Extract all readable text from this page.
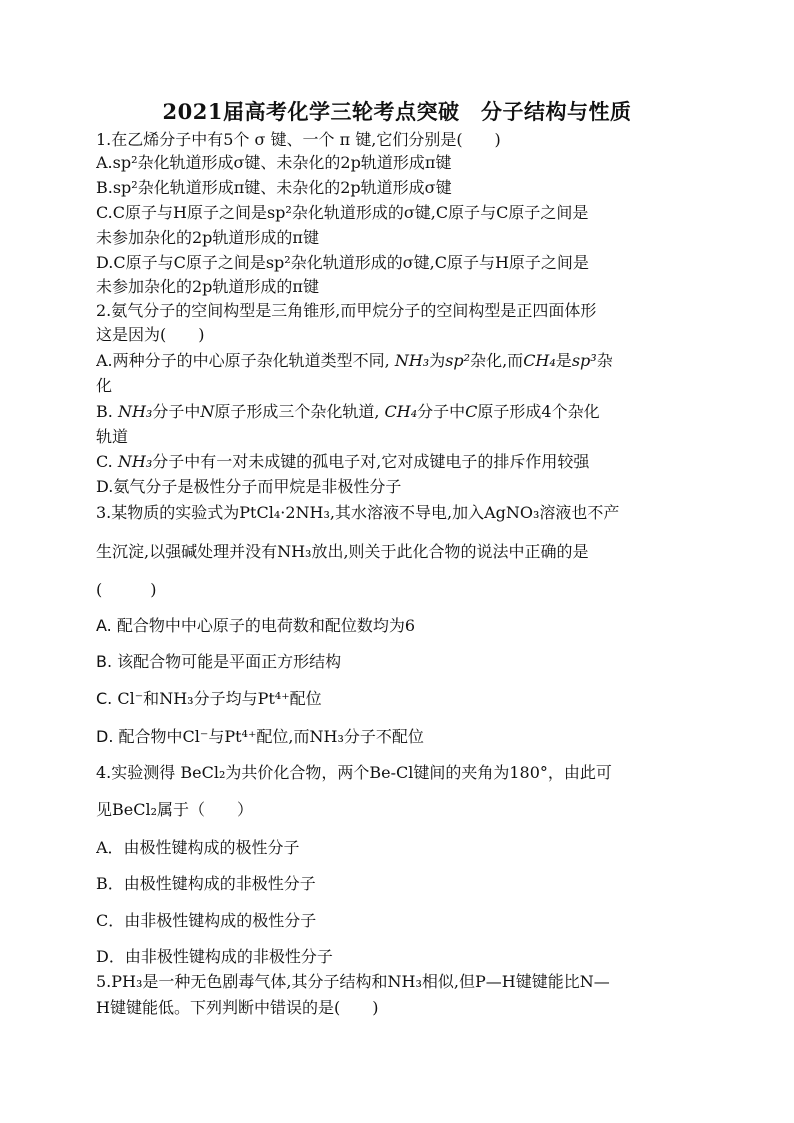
2021届高考化学三轮考点突破　分子结构与性质
1.在乙烯分子中有5个 σ 键、一个 π 键,它们分别是(　　)
A.sp²杂化轨道形成σ键、未杂化的2p轨道形成π键
B.sp²杂化轨道形成π键、未杂化的2p轨道形成σ键
C.C原子与H原子之间是sp²杂化轨道形成的σ键,C原子与C原子之间是
未参加杂化的2p轨道形成的π键
D.C原子与C原子之间是sp²杂化轨道形成的σ键,C原子与H原子之间是
未参加杂化的2p轨道形成的π键
2.氨气分子的空间构型是三角锥形,而甲烷分子的空间构型是正四面体形
这是因为(　　)
A.两种分子的中心原子杂化轨道类型不同, NH₃为sp²杂化,而CH₄是sp³杂
化
B. NH₃分子中N原子形成三个杂化轨道, CH₄分子中C原子形成4个杂化
轨道
C. NH₃分子中有一对未成键的孤电子对,它对成键电子的排斥作用较强
D.氨气分子是极性分子而甲烷是非极性分子
3.某物质的实验式为PtCl₄·2NH₃,其水溶液不导电,加入AgNO₃溶液也不产
生沉淀,以强碱处理并没有NH₃放出,则关于此化合物的说法中正确的是
(　　　)
A. 配合物中中心原子的电荷数和配位数均为6
B. 该配合物可能是平面正方形结构
C. Cl⁻和NH₃分子均与Pt⁴⁺配位
D. 配合物中Cl⁻与Pt⁴⁺配位,而NH₃分子不配位
4.实验测得 BeCl₂为共价化合物，两个Be-Cl键间的夹角为180°，由此可
见BeCl₂属于（　　）
A．由极性键构成的极性分子
B．由极性键构成的非极性分子
C．由非极性键构成的极性分子
D．由非极性键构成的非极性分子
5.PH₃是一种无色剧毒气体,其分子结构和NH₃相似,但P—H键键能比N—
H键键能低。下列判断中错误的是(　　)
